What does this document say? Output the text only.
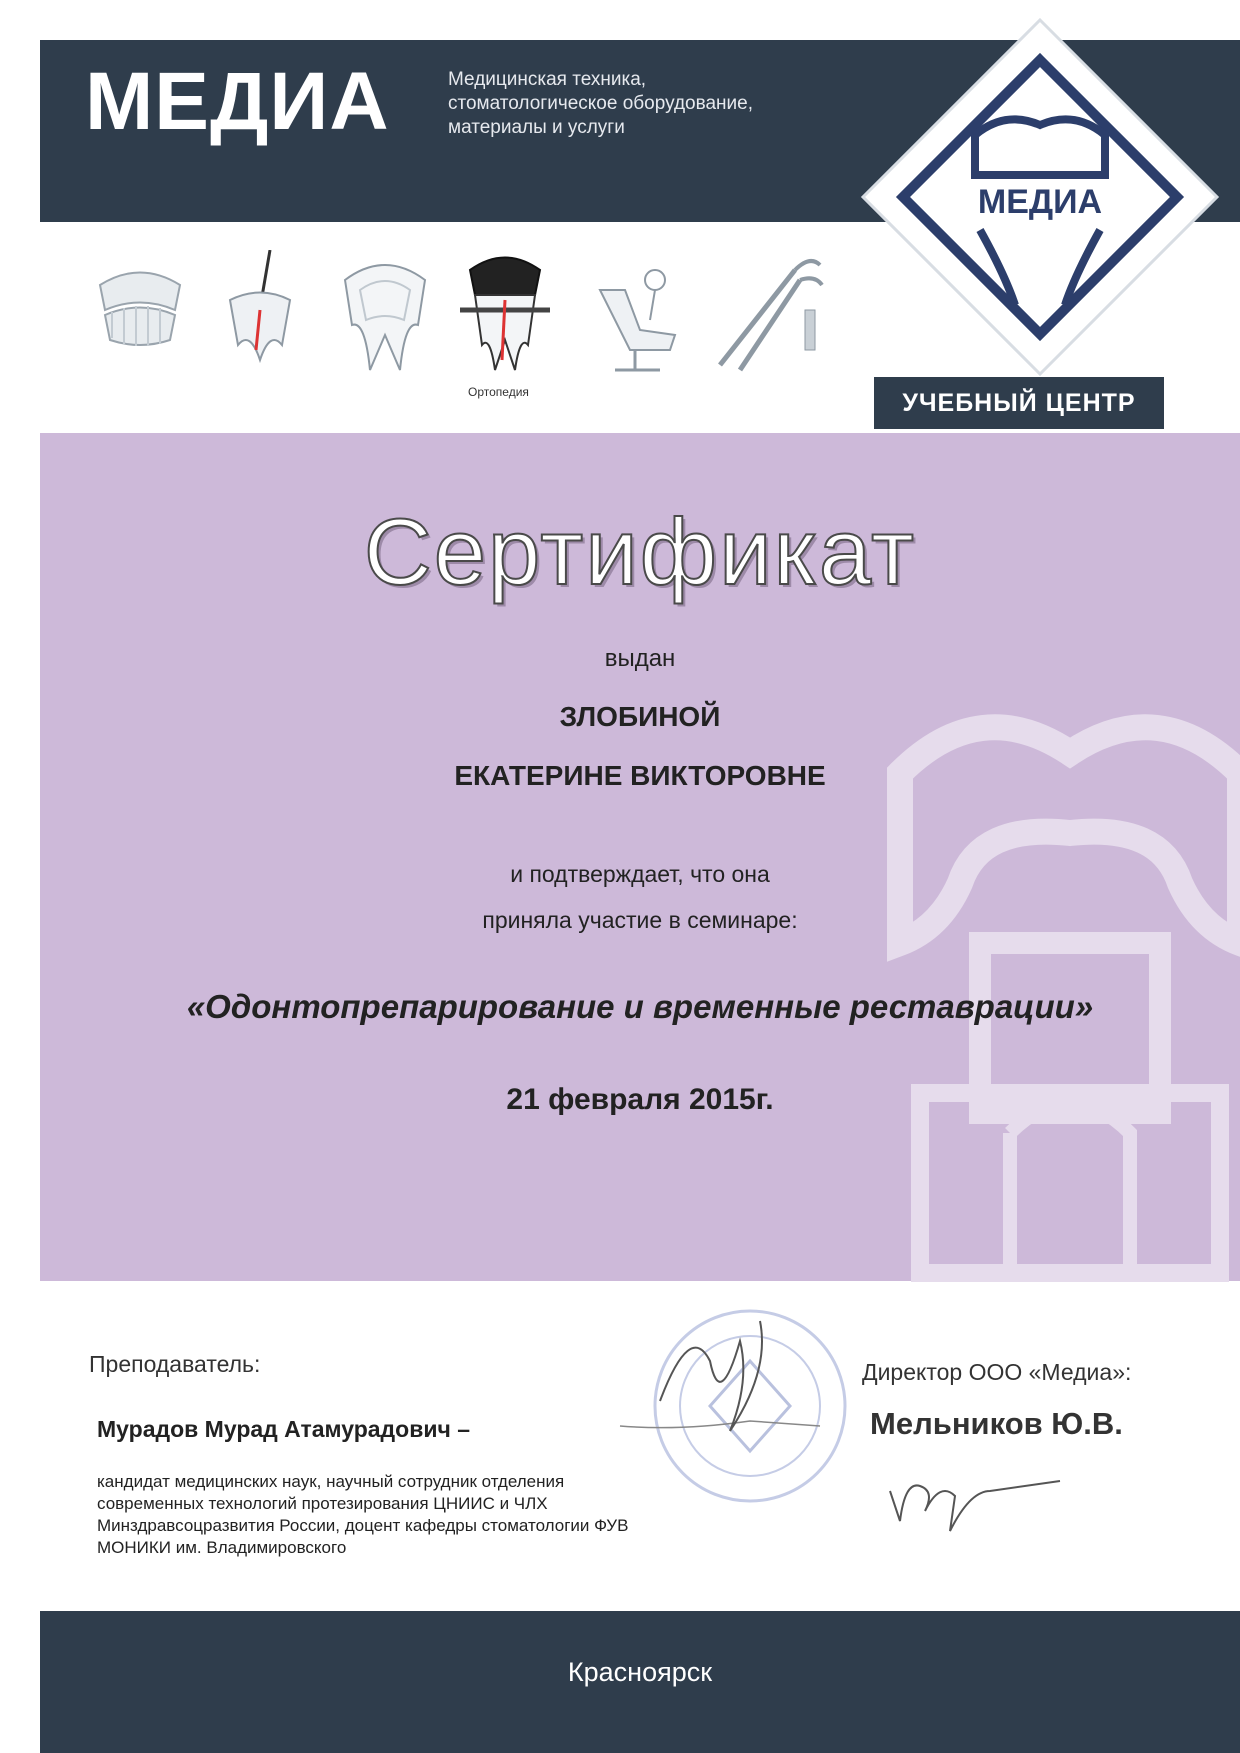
МЕДИА	Медицинская техника,
стоматологическое оборудование,
материалы и услуги
МЕДИА
Ортопедия	УЧЕБНЫЙ ЦЕНТР
Сертификат
выдан
ЗЛОБИНОЙ
ЕКАТЕРИНЕ ВИКТОРОВНЕ
и подтверждает, что она
приняла участие в семинаре:
«Одонтопрепарирование и временные реставрации»
21 февраля 2015г.
Преподаватель:
Мурадов Мурад Атамурадович –
кандидат медицинских наук, научный сотрудник отделения современных технологий протезирования ЦНИИС и ЧЛХ Минздравсоцразвития России, доцент кафедры стоматологии ФУВ МОНИКИ им. Владимировского
Директор ООО «Медиа»:
Мельников Ю.В.
Красноярск
